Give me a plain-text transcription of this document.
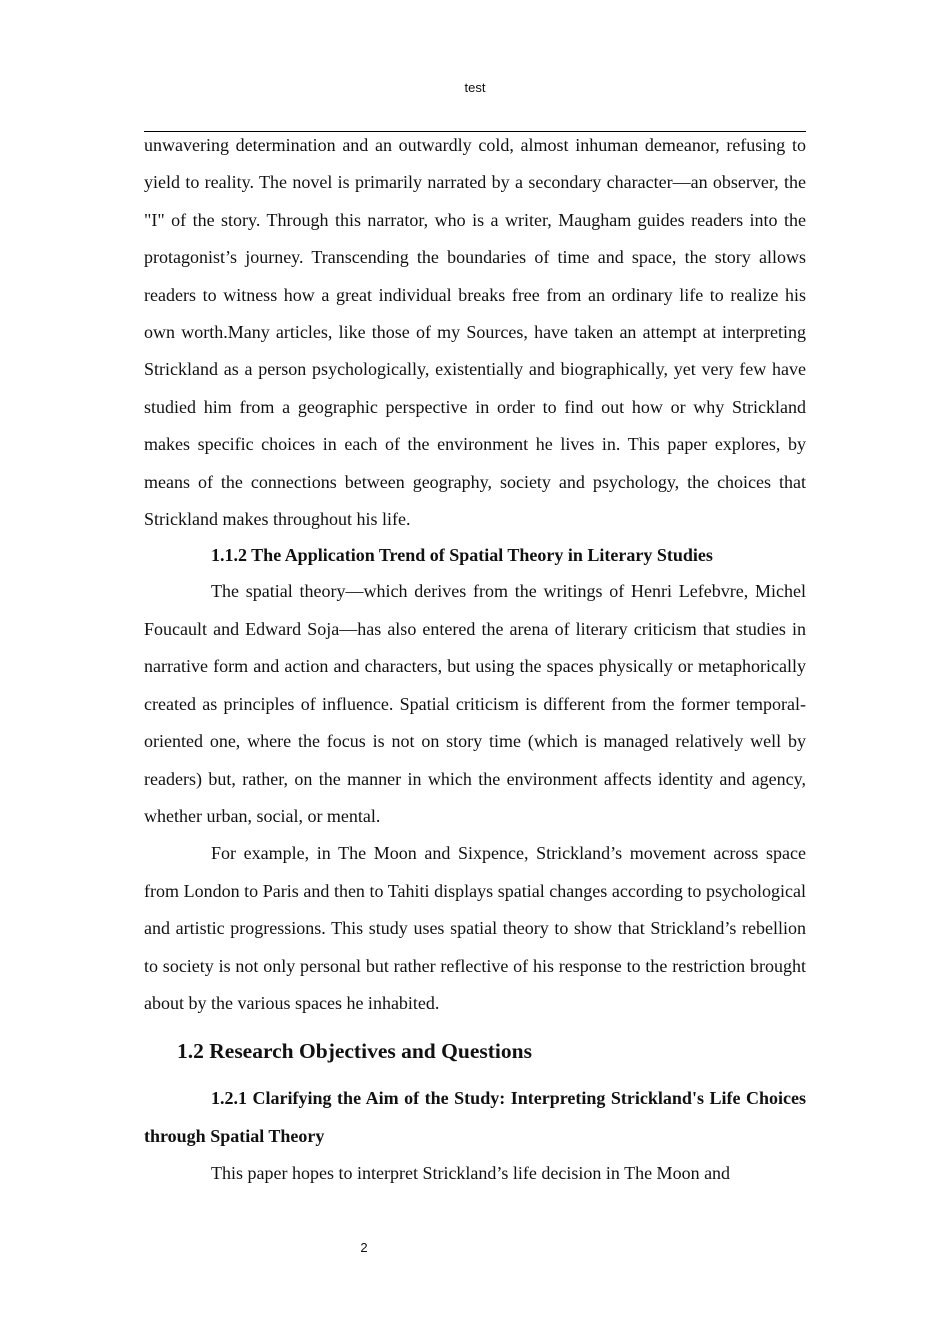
test

unwavering determination and an outwardly cold, almost inhuman demeanor, refusing to yield to reality. The novel is primarily narrated by a secondary character—an observer, the "I" of the story. Through this narrator, who is a writer, Maugham guides readers into the protagonist’s journey. Transcending the boundaries of time and space, the story allows readers to witness how a great individual breaks free from an ordinary life to realize his own worth.Many articles, like those of my Sources, have taken an attempt at interpreting Strickland as a person psychologically, existentially and biographically, yet very few have studied him from a geographic perspective in order to find out how or why Strickland makes specific choices in each of the environment he lives in. This paper explores, by means of the connections between geography, society and psychology, the choices that Strickland makes throughout his life.

1.1.2 The Application Trend of Spatial Theory in Literary Studies

The spatial theory—which derives from the writings of Henri Lefebvre, Michel Foucault and Edward Soja—has also entered the arena of literary criticism that studies in narrative form and action and characters, but using the spaces physically or metaphorically created as principles of influence. Spatial criticism is different from the former temporal-oriented one, where the focus is not on story time (which is managed relatively well by readers) but, rather, on the manner in which the environment affects identity and agency, whether urban, social, or mental.

For example, in The Moon and Sixpence, Strickland’s movement across space from London to Paris and then to Tahiti displays spatial changes according to psychological and artistic progressions. This study uses spatial theory to show that Strickland’s rebellion to society is not only personal but rather reflective of his response to the restriction brought about by the various spaces he inhabited.

1.2 Research Objectives and Questions

1.2.1 Clarifying the Aim of the Study: Interpreting Strickland's Life Choices through Spatial Theory

This paper hopes to interpret Strickland’s life decision in The Moon and

2
